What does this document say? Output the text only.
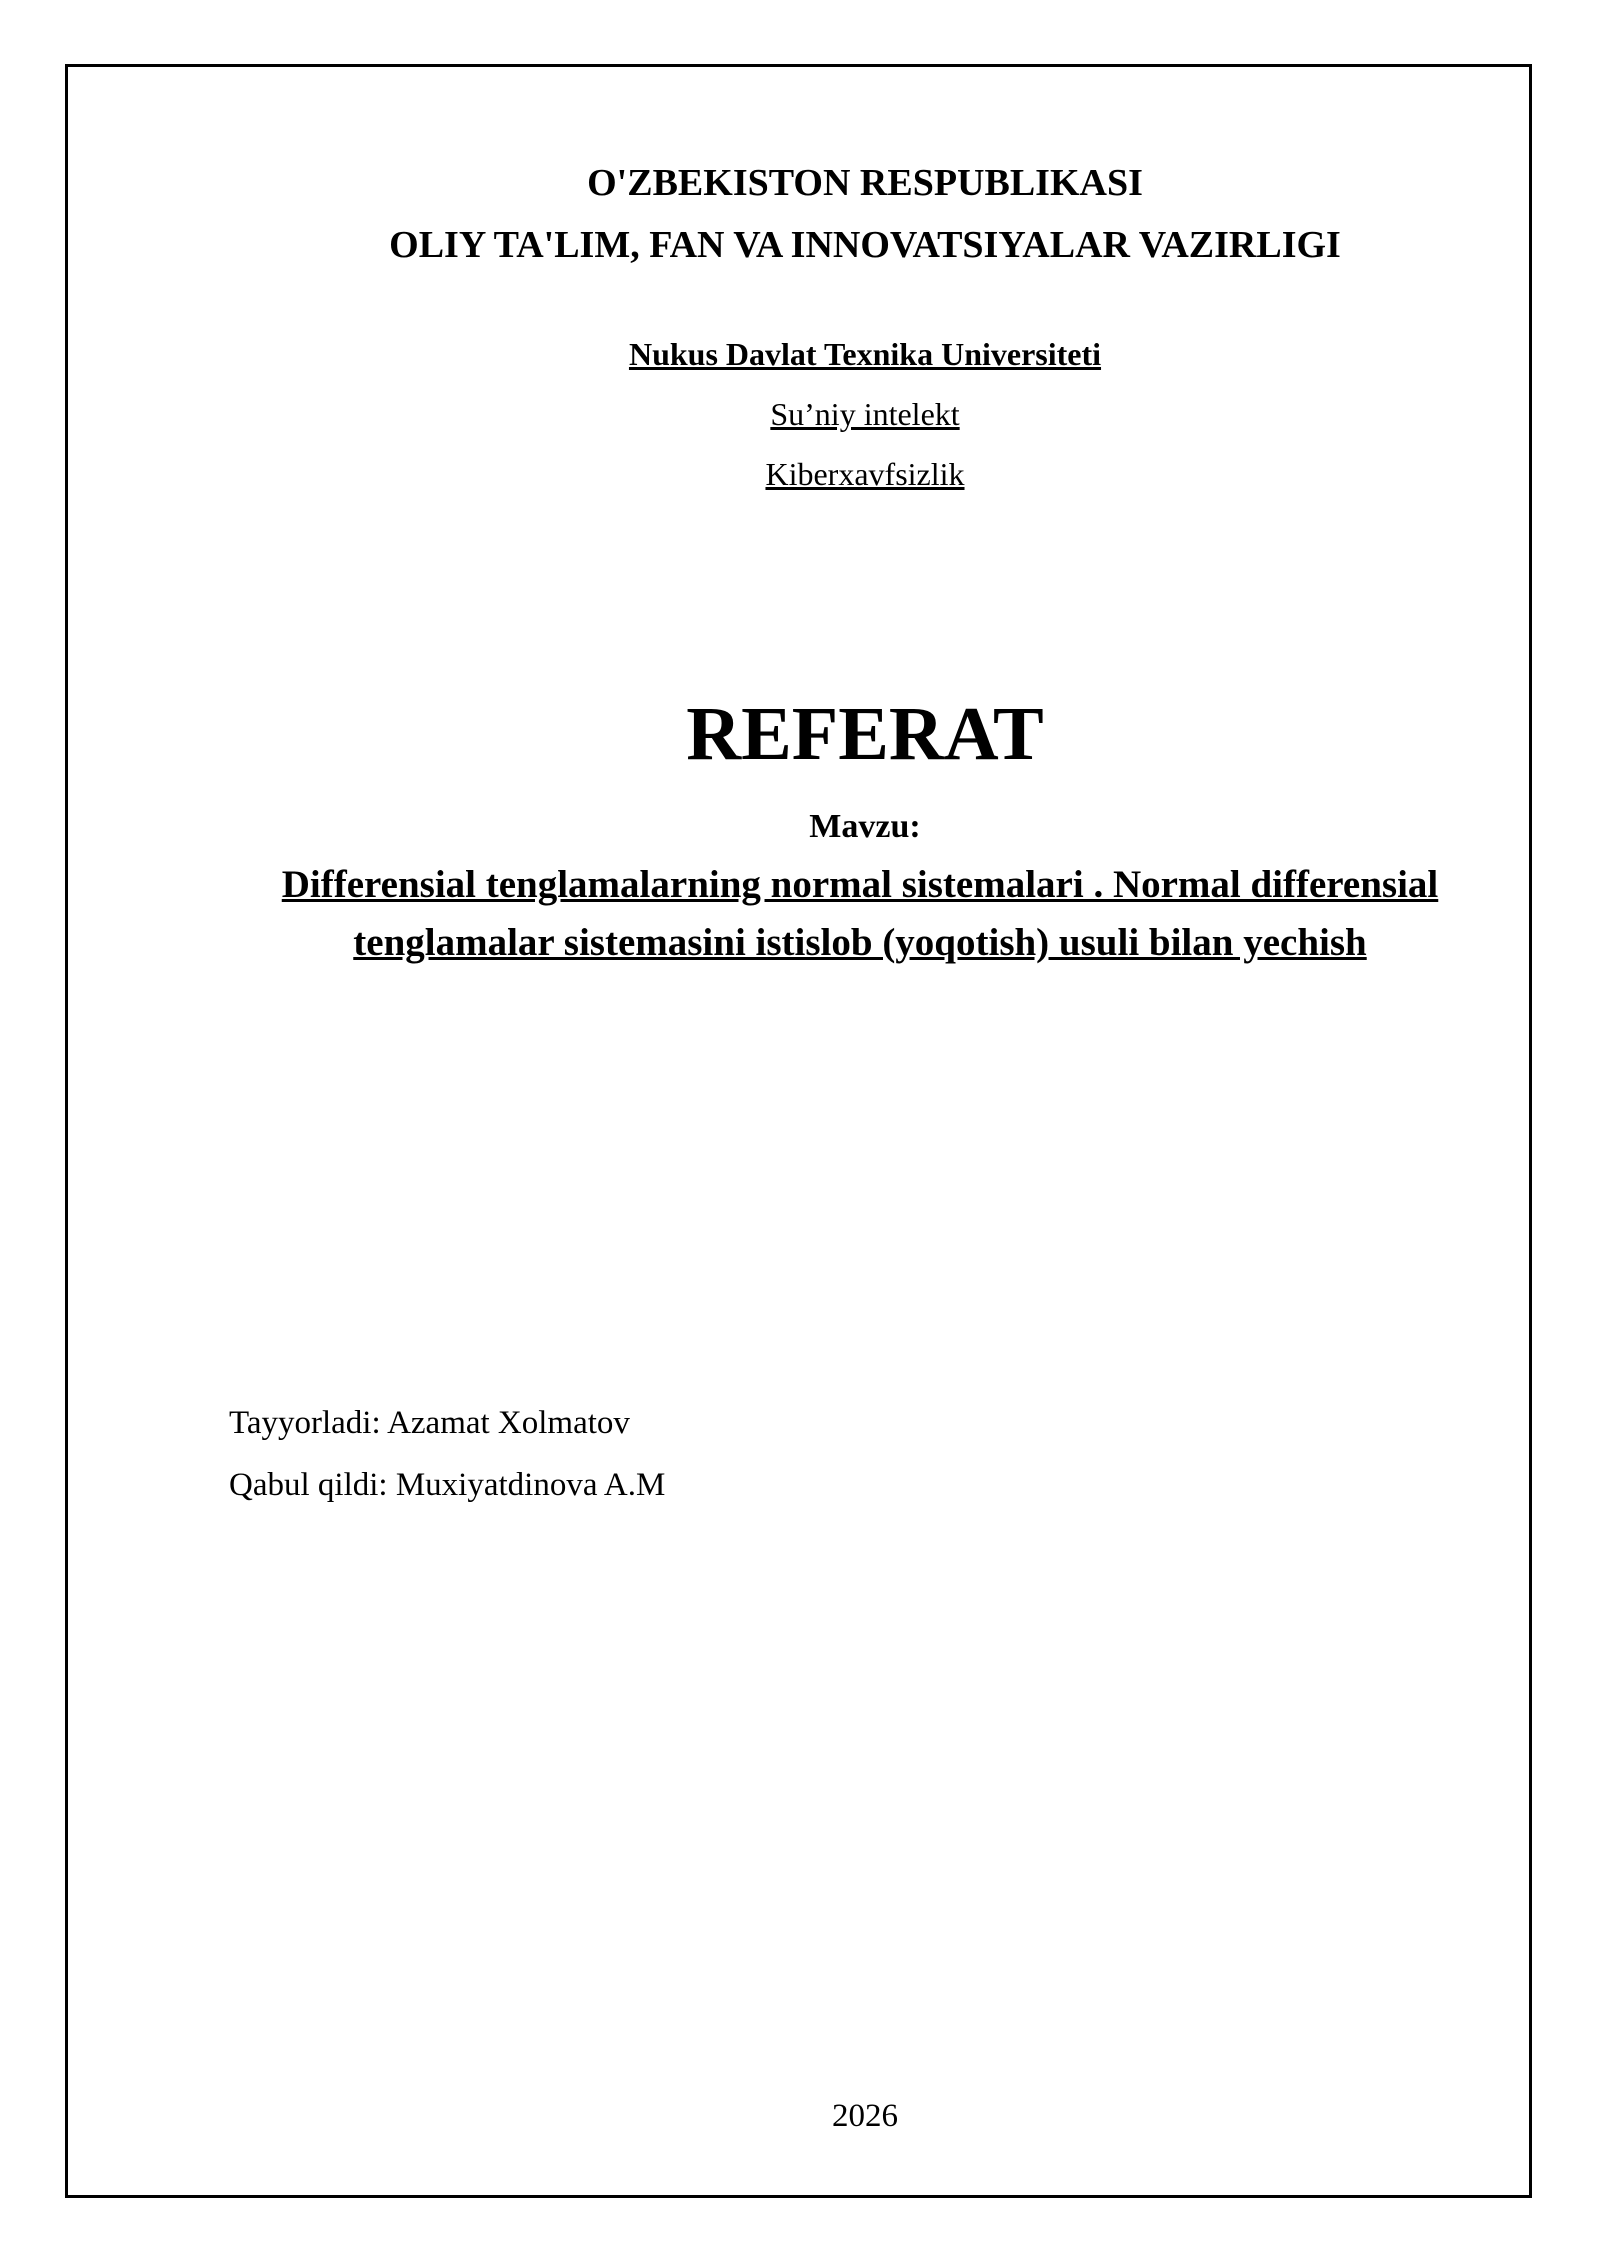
O'ZBEKISTON RESPUBLIKASI
OLIY TA'LIM, FAN VA INNOVATSIYALAR VAZIRLIGI
Nukus Davlat Texnika Universiteti
Su’niy intelekt
Kiberxavfsizlik
REFERAT
Mavzu:
Differensial tenglamalarning normal sistemalari . Normal differensial tenglamalar sistemasini istislob (yoqotish) usuli bilan yechish
Tayyorladi: Azamat Xolmatov
Qabul qildi: Muxiyatdinova A.M
2026
